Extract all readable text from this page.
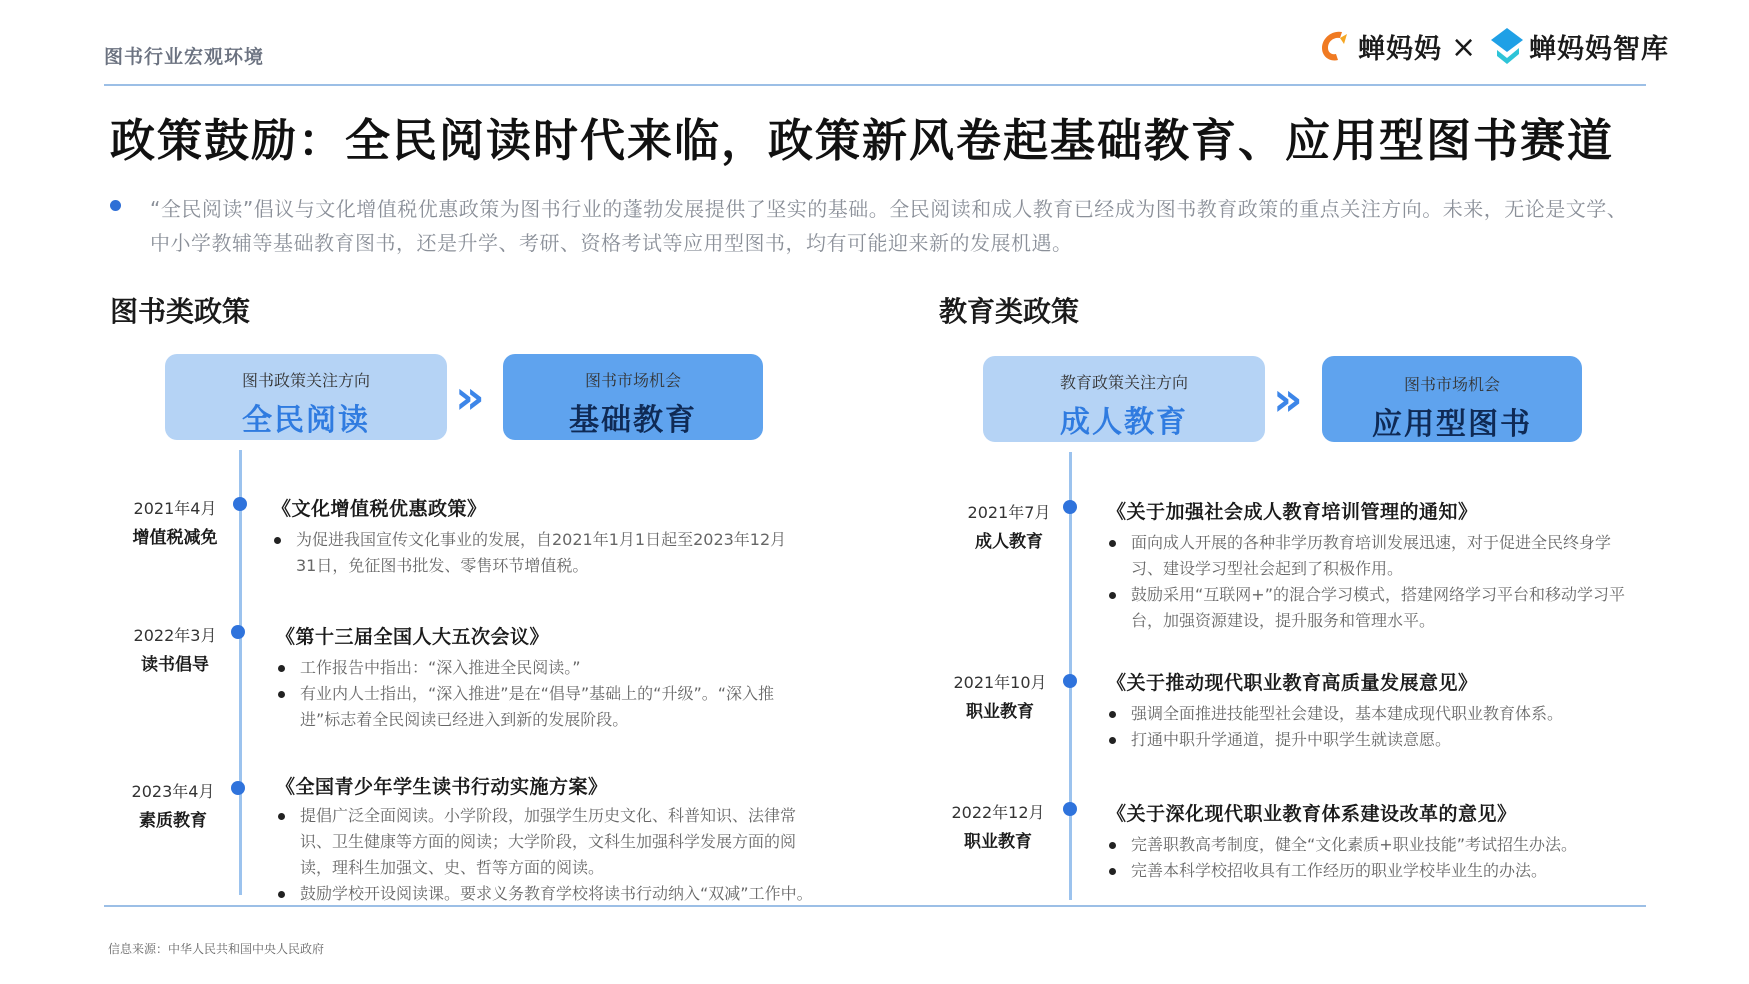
图书行业宏观环境	蝉妈妈 × 蝉妈妈智库
政策鼓励：全民阅读时代来临，政策新风卷起基础教育、应用型图书赛道
“全民阅读”倡议与文化增值税优惠政策为图书行业的蓬勃发展提供了坚实的基础。全民阅读和成人教育已经成为图书教育政策的重点关注方向。未来，无论是文学、中小学教辅等基础教育图书，还是升学、考研、资格考试等应用型图书，均有可能迎来新的发展机遇。
图书类政策
图书政策关注方向
全民阅读	»	图书市场机会
基础教育
2021年4月
增值税减免
《文化增值税优惠政策》
为促进我国宣传文化事业的发展，自2021年1月1日起至2023年12月31日，免征图书批发、零售环节增值税。
2022年3月
读书倡导
《第十三届全国人大五次会议》
工作报告中指出：“深入推进全民阅读。”
有业内人士指出，“深入推进”是在“倡导”基础上的“升级”。“深入推进”标志着全民阅读已经进入到新的发展阶段。
2023年4月
素质教育
《全国青少年学生读书行动实施方案》
提倡广泛全面阅读。小学阶段，加强学生历史文化、科普知识、法律常识、卫生健康等方面的阅读；大学阶段，文科生加强科学发展方面的阅读，理科生加强文、史、哲等方面的阅读。
鼓励学校开设阅读课。要求义务教育学校将读书行动纳入“双减”工作中。
教育类政策
教育政策关注方向
成人教育	»	图书市场机会
应用型图书
2021年7月
成人教育
《关于加强社会成人教育培训管理的通知》
面向成人开展的各种非学历教育培训发展迅速，对于促进全民终身学习、建设学习型社会起到了积极作用。
鼓励采用“互联网+”的混合学习模式，搭建网络学习平台和移动学习平台，加强资源建设，提升服务和管理水平。
2021年10月
职业教育
《关于推动现代职业教育高质量发展意见》
强调全面推进技能型社会建设，基本建成现代职业教育体系。
打通中职升学通道，提升中职学生就读意愿。
2022年12月
职业教育
《关于深化现代职业教育体系建设改革的意见》
完善职教高考制度，健全“文化素质+职业技能”考试招生办法。
完善本科学校招收具有工作经历的职业学校毕业生的办法。
信息来源：中华人民共和国中央人民政府
